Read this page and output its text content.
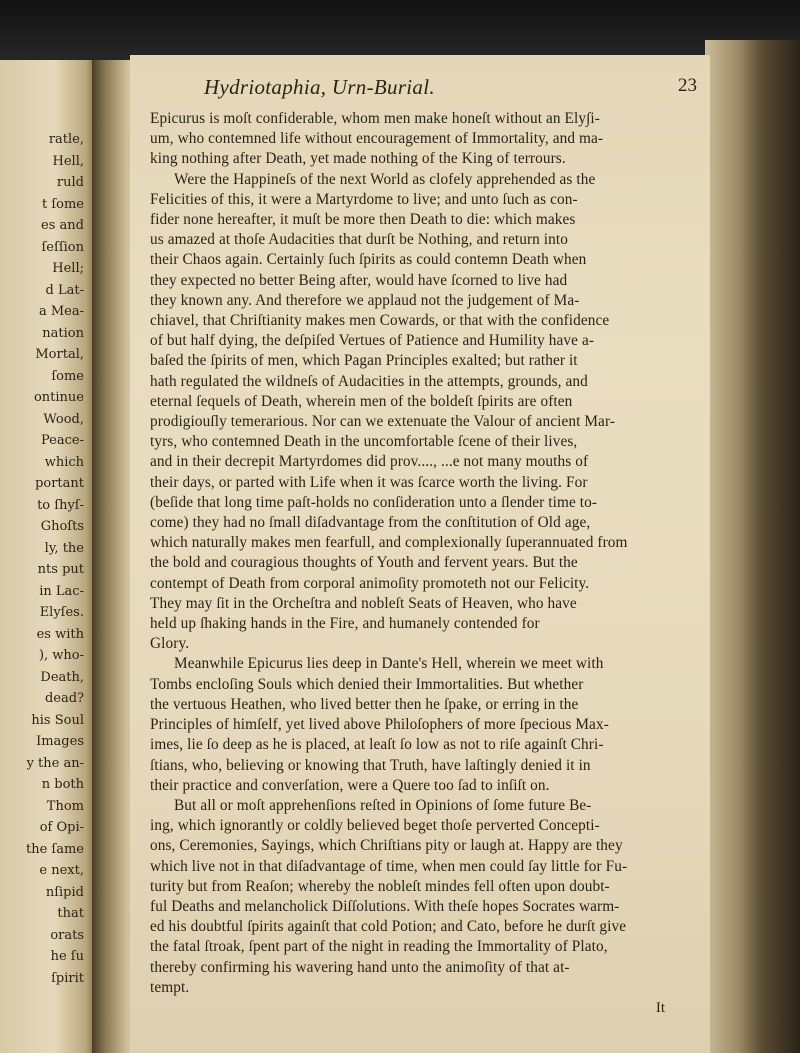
ratle,
Hell,
ruld
t ſome
es and
ſeſſion
Hell;
d Lat-
a Mea-
nation
Mortal,
ſome
ontinue
Wood,
Peace-
which
portant
to ſhyſ-
Ghoſts
ly, the
nts put
in Lac-
Elyſes.
es with
), who-
Death,
dead?
his Soul
Images
y the an-
n both
Thom
of Opi-
the ſame
e next,
nſipid
that
orats
he ſu
ſpirit
Hydriotaphia, Urn-Burial.	23
Epicurus is moſt confiderable, whom men make honeſt without an Ely∫i-
um, who contemned life without encouragement of Immortality, and ma-
king nothing after Death, yet made nothing of the King of terrours.
Were the Happineſs of the next World as clofely apprehended as the
Felicities of this, it were a Martyrdome to live; and unto ſuch as con-
fider none hereafter, it muſt be more then Death to die: which makes
us amazed at thoſe Audacities that durſt be Nothing, and return into
their Chaos again. Certainly ſuch ſpirits as could contemn Death when
they expected no better Being after, would have ſcorned to live had
they known any. And therefore we applaud not the judgement of Ma-
chiavel, that Chriſtianity makes men Cowards, or that with the confidence
of but half dying, the deſpiſed Vertues of Patience and Humility have a-
baſed the ſpirits of men, which Pagan Principles exalted; but rather it
hath regulated the wildneſs of Audacities in the attempts, grounds, and
eternal ſequels of Death, wherein men of the boldeſt ſpirits are often
prodigiouſly temerarious. Nor can we extenuate the Valour of ancient Mar-
tyrs, who contemned Death in the uncomfortable ſcene of their lives,
and in their decrepit Martyrdomes did prov...., ...e not many mouths of
their days, or parted with Life when it was ſcarce worth the living. For
(beſide that long time paſt-holds no conſideration unto a ſlender time to-
come) they had no ſmall diſadvantage from the conſtitution of Old age,
which naturally makes men fearfull, and complexionally ſuperannuated from
the bold and couragious thoughts of Youth and fervent years. But the
contempt of Death from corporal animoſity promoteth not our Felicity.
They may ſit in the Orcheſtra and nobleſt Seats of Heaven, who have
held up ſhaking hands in the Fire, and humanely contended for
Glory.
Meanwhile Epicurus lies deep in Dante's Hell, wherein we meet with
Tombs encloſing Souls which denied their Immortalities. But whether
the vertuous Heathen, who lived better then he ſpake, or erring in the
Principles of himſelf, yet lived above Philoſophers of more ſpecious Max-
imes, lie ſo deep as he is placed, at leaſt ſo low as not to riſe againſt Chri-
ſtians, who, believing or knowing that Truth, have laſtingly denied it in
their practice and converſation, were a Quere too ſad to inſiſt on.
But all or moſt apprehenſions reſted in Opinions of ſome future Be-
ing, which ignorantly or coldly believed beget thoſe perverted Concepti-
ons, Ceremonies, Sayings, which Chriſtians pity or laugh at. Happy are they
which live not in that diſadvantage of time, when men could ſay little for Fu-
turity but from Reaſon; whereby the nobleſt mindes fell often upon doubt-
ful Deaths and melancholick Diſſolutions. With theſe hopes Socrates warm-
ed his doubtful ſpirits againſt that cold Potion; and Cato, before he durſt give
the fatal ſtroak, ſpent part of the night in reading the Immortality of Plato,
thereby confirming his wavering hand unto the animoſity of that at-
tempt.
It
